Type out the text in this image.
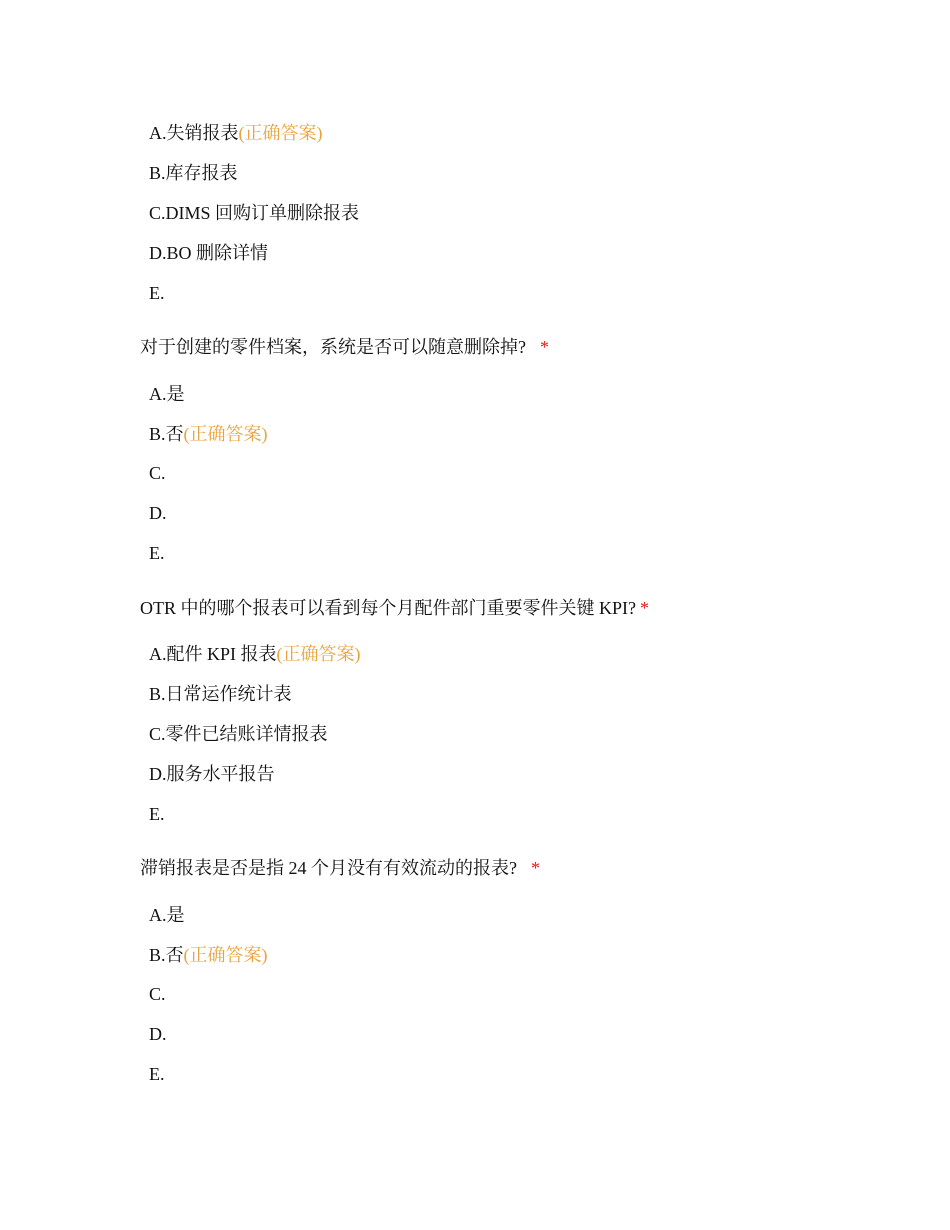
A.失销报表(正确答案)
B.库存报表
C.DIMS 回购订单删除报表
D.BO 删除详情
E.
对于创建的零件档案，系统是否可以随意删除掉? *
A.是
B.否(正确答案)
C.
D.
E.
OTR 中的哪个报表可以看到每个月配件部门重要零件关键 KPI? *
A.配件 KPI 报表(正确答案)
B.日常运作统计表
C.零件已结账详情报表
D.服务水平报告
E.
滞销报表是否是指 24 个月没有有效流动的报表? *
A.是
B.否(正确答案)
C.
D.
E.
